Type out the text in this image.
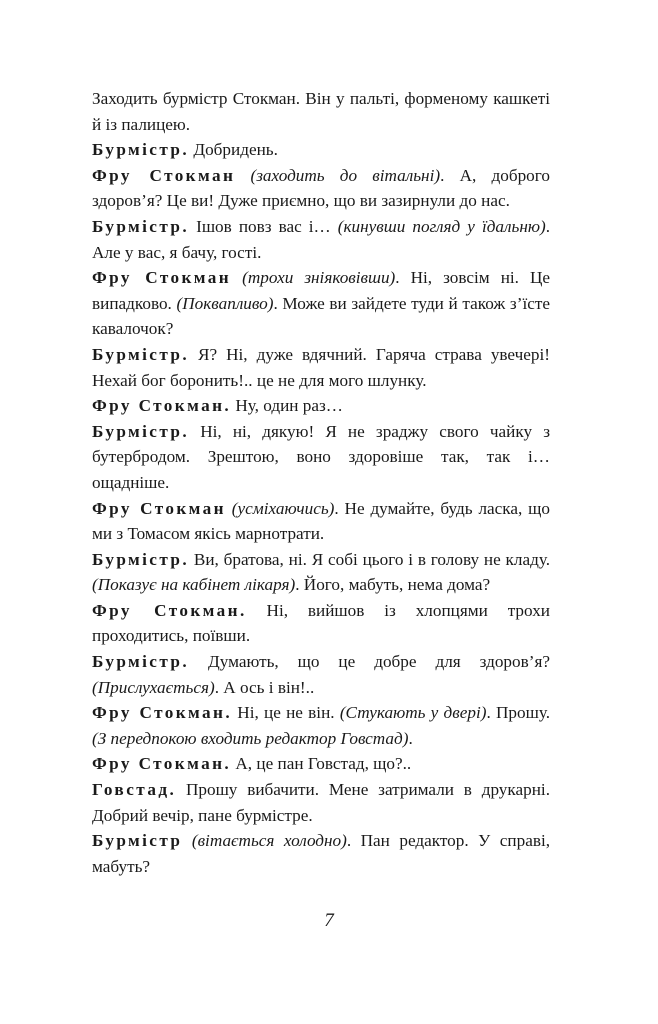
Заходить бурмістр Стокман. Він у пальті, форменому кашкеті й із палицею.

Бурмістр. Добридень.

Фру Стокман (заходить до вітальні). А, доброго здоров’я? Це ви! Дуже приємно, що ви зазирнули до нас.

Бурмістр. Ішов повз вас і… (кинувши погляд у їдальню). Але у вас, я бачу, гості.

Фру Стокман (трохи зніяковівши). Ні, зовсім ні. Це випадково. (Поквапливо). Може ви зайдете туди й також з’їсте кавалочок?

Бурмістр. Я? Ні, дуже вдячний. Гаряча страва увечері! Нехай бог боронить!.. це не для мого шлунку.

Фру Стокман. Ну, один раз…

Бурмістр. Ні, ні, дякую! Я не зраджу свого чайку з бутербродом. Зрештою, воно здоровіше так, так і… ощадніше.

Фру Стокман (усміхаючись). Не думайте, будь ласка, що ми з Томасом якісь марнотрати.

Бурмістр. Ви, братова, ні. Я собі цього і в голову не кладу. (Показує на кабінет лікаря). Його, мабуть, нема дома?

Фру Стокман. Ні, вийшов із хлопцями трохи проходитись, поївши.

Бурмістр. Думають, що це добре для здоров’я? (Прислухається). А ось і він!..

Фру Стокман. Ні, це не він. (Стукають у двері). Прошу. (З передпокою входить редактор Говстад).

Фру Стокман. А, це пан Говстад, що?..

Говстад. Прошу вибачити. Мене затримали в друкарні. Добрий вечір, пане бурмістре.

Бурмістр (вітається холодно). Пан редактор. У справі, мабуть?

7
